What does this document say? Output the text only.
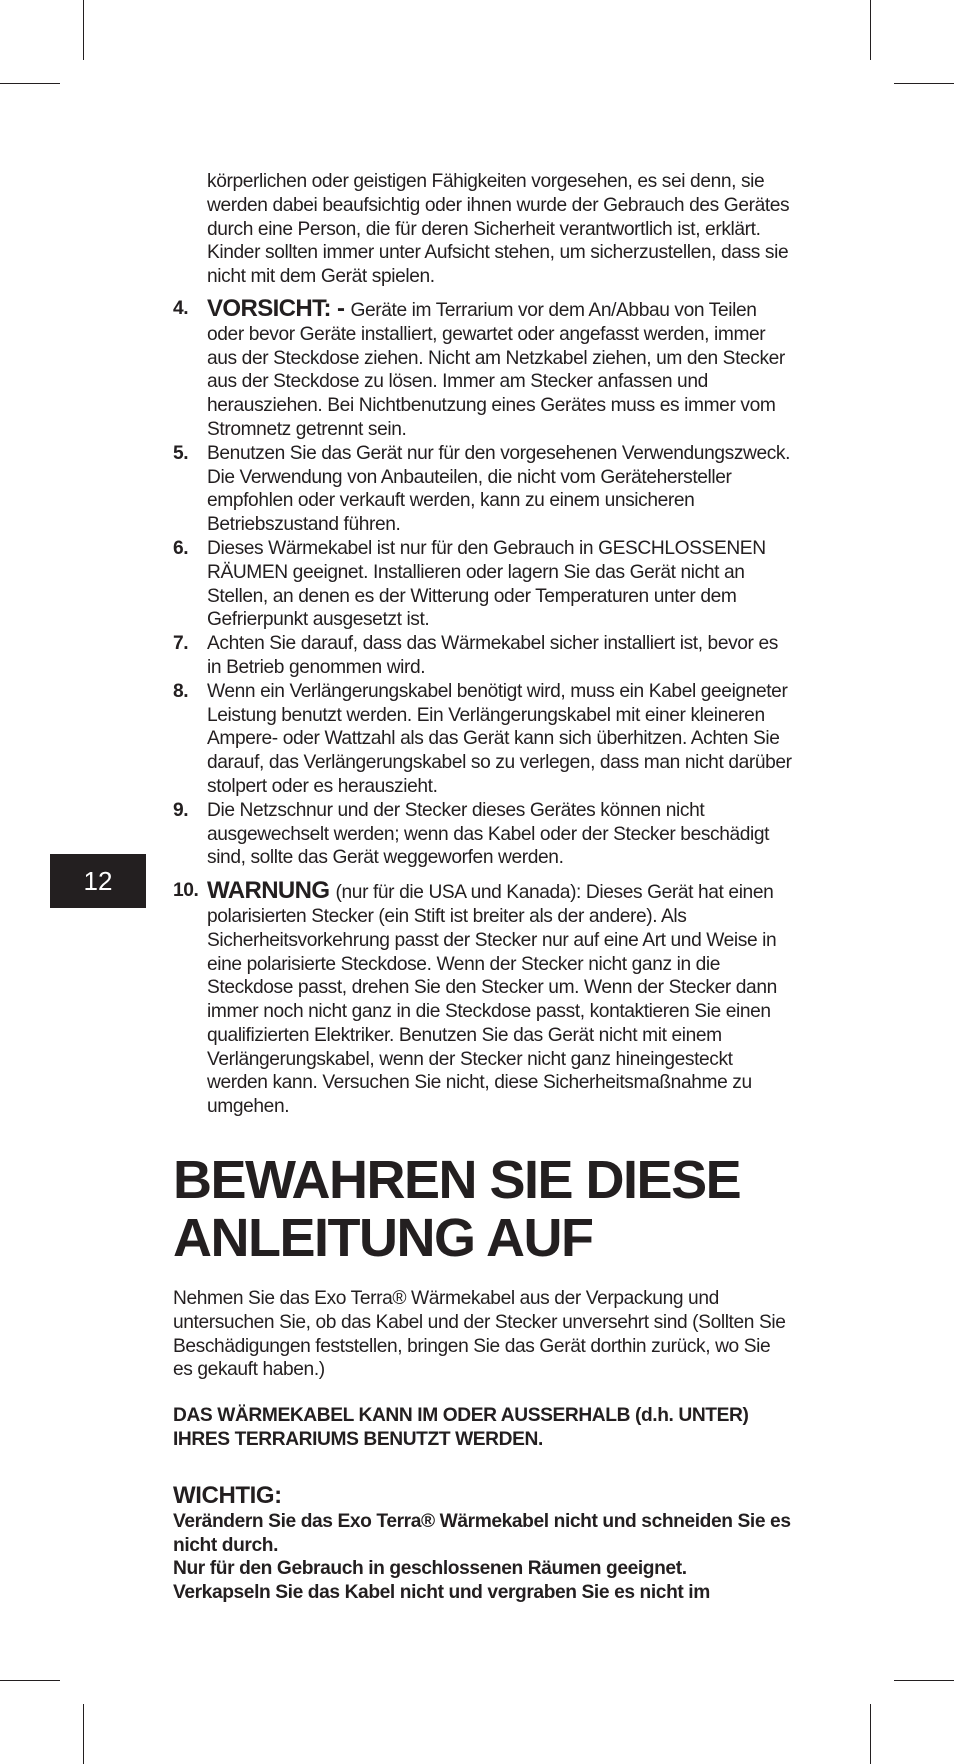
12

körperlichen oder geistigen Fähigkeiten vorgesehen, es sei denn, sie werden dabei beaufsichtig oder ihnen wurde der Gebrauch des Gerätes durch eine Person, die für deren Sicherheit verantwortlich ist, erklärt. Kinder sollten immer unter Aufsicht stehen, um sicherzustellen, dass sie nicht mit dem Gerät spielen.

4. VORSICHT: - Geräte im Terrarium vor dem An/Abbau von Teilen oder bevor Geräte installiert, gewartet oder angefasst werden, immer aus der Steckdose ziehen. Nicht am Netzkabel ziehen, um den Stecker aus der Steckdose zu lösen. Immer am Stecker anfassen und herausziehen. Bei Nichtbenutzung eines Gerätes muss es immer vom Stromnetz getrennt sein.
5. Benutzen Sie das Gerät nur für den vorgesehenen Verwendungszweck. Die Verwendung von Anbauteilen, die nicht vom Gerätehersteller empfohlen oder verkauft werden, kann zu einem unsicheren Betriebszustand führen.
6. Dieses Wärmekabel ist nur für den Gebrauch in GESCHLOSSENEN RÄUMEN geeignet. Installieren oder lagern Sie das Gerät nicht an Stellen, an denen es der Witterung oder Temperaturen unter dem Gefrierpunkt ausgesetzt ist.
7. Achten Sie darauf, dass das Wärmekabel sicher installiert ist, bevor es in Betrieb genommen wird.
8. Wenn ein Verlängerungskabel benötigt wird, muss ein Kabel geeigneter Leistung benutzt werden. Ein Verlängerungskabel mit einer kleineren Ampere- oder Wattzahl als das Gerät kann sich überhitzen. Achten Sie darauf, das Verlängerungskabel so zu verlegen, dass man nicht darüber stolpert oder es herauszieht.
9. Die Netzschnur und der Stecker dieses Gerätes können nicht ausgewechselt werden; wenn das Kabel oder der Stecker beschädigt sind, sollte das Gerät weggeworfen werden.
10. WARNUNG (nur für die USA und Kanada): Dieses Gerät hat einen polarisierten Stecker (ein Stift ist breiter als der andere). Als Sicherheitsvorkehrung passt der Stecker nur auf eine Art und Weise in eine polarisierte Steckdose. Wenn der Stecker nicht ganz in die Steckdose passt, drehen Sie den Stecker um. Wenn der Stecker dann immer noch nicht ganz in die Steckdose passt, kontaktieren Sie einen qualifizierten Elektriker. Benutzen Sie das Gerät nicht mit einem Verlängerungskabel, wenn der Stecker nicht ganz hineingesteckt werden kann. Versuchen Sie nicht, diese Sicherheitsmaßnahme zu umgehen.
BEWAHREN SIE DIESE
ANLEITUNG AUF

Nehmen Sie das Exo Terra® Wärmekabel aus der Verpackung und untersuchen Sie, ob das Kabel und der Stecker unversehrt sind (Sollten Sie Beschädigungen feststellen, bringen Sie das Gerät dorthin zurück, wo Sie es gekauft haben.)

DAS WÄRMEKABEL KANN IM ODER AUSSERHALB (d.h. UNTER) IHRES TERRARIUMS BENUTZT WERDEN.

WICHTIG:

Verändern Sie das Exo Terra® Wärmekabel nicht und schneiden Sie es nicht durch.

Nur für den Gebrauch in geschlossenen Räumen geeignet.

Verkapseln Sie das Kabel nicht und vergraben Sie es nicht im
